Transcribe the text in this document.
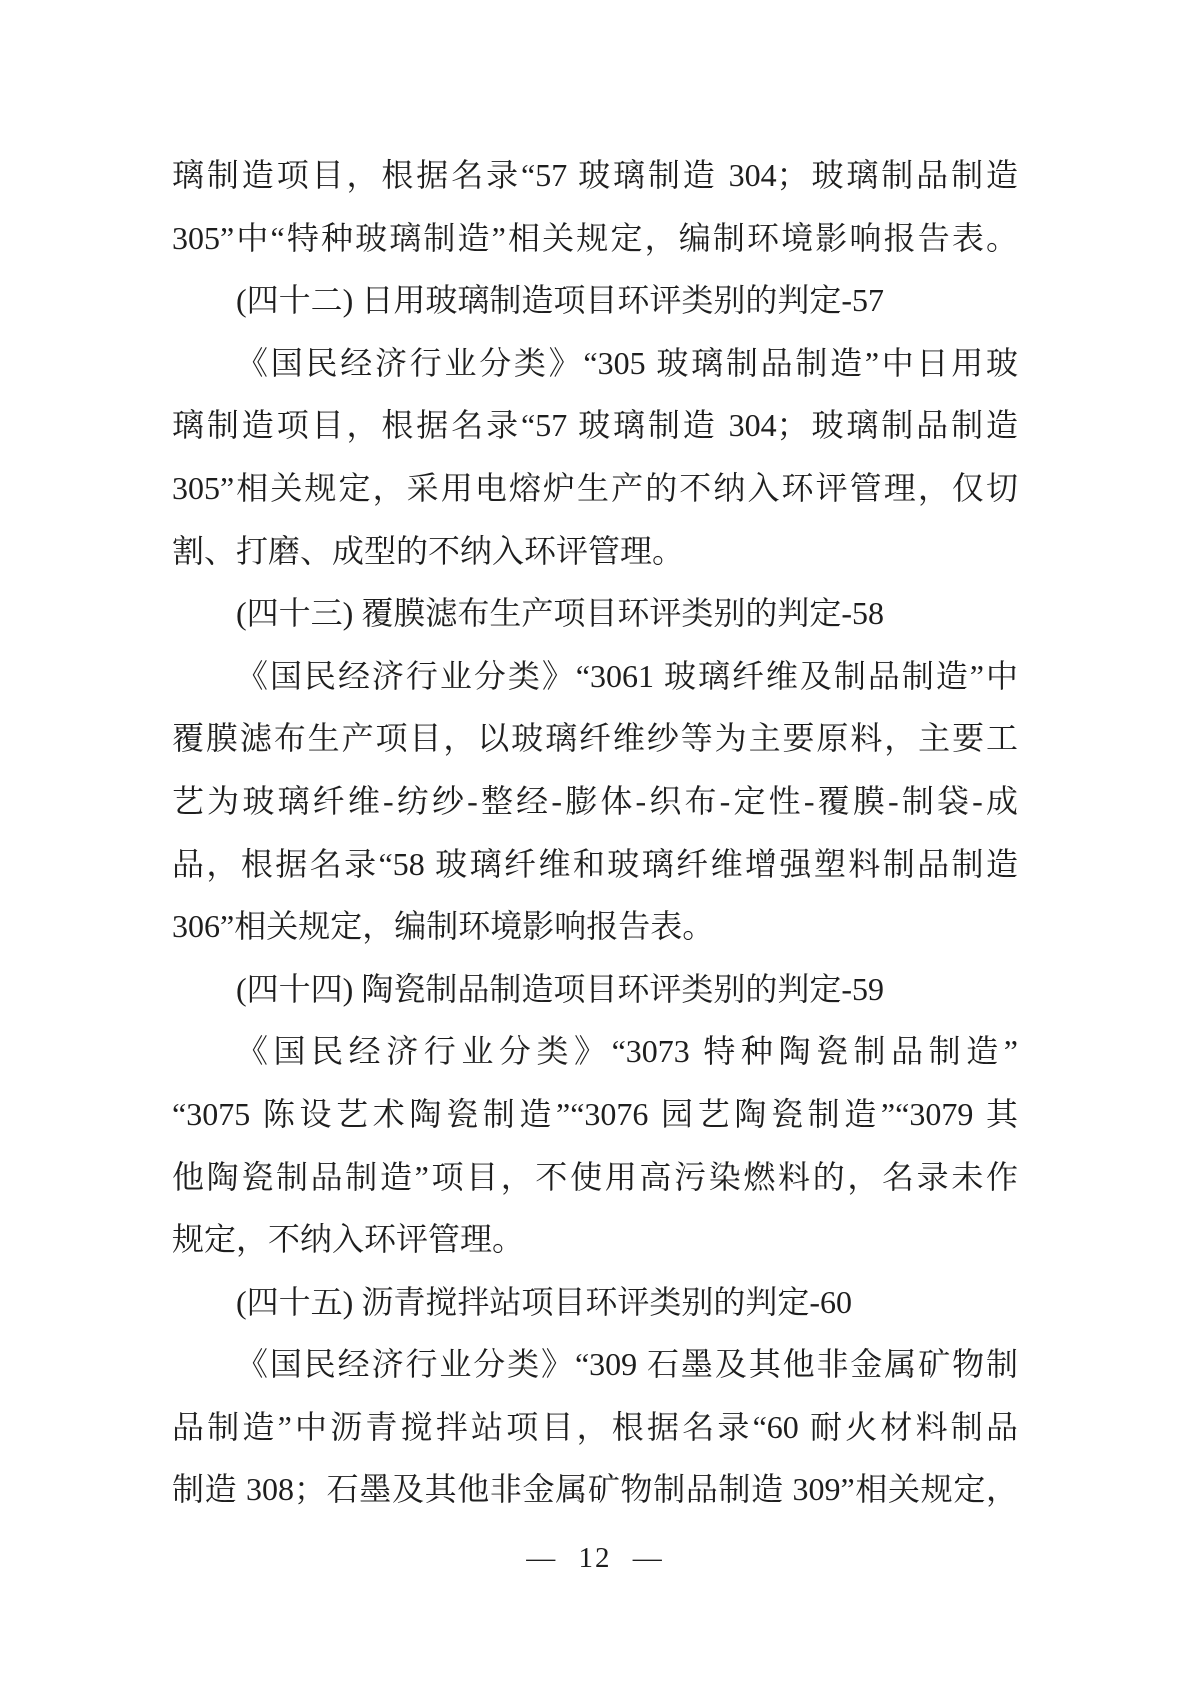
璃制造项目，根据名录“57 玻璃制造 304；玻璃制品制造
305”中“特种玻璃制造”相关规定，编制环境影响报告表。
(四十二) 日用玻璃制造项目环评类别的判定-57
《国民经济行业分类》“305 玻璃制品制造”中日用玻
璃制造项目，根据名录“57 玻璃制造 304；玻璃制品制造
305”相关规定，采用电熔炉生产的不纳入环评管理，仅切
割、打磨、成型的不纳入环评管理。
(四十三) 覆膜滤布生产项目环评类别的判定-58
《国民经济行业分类》“3061 玻璃纤维及制品制造”中
覆膜滤布生产项目，以玻璃纤维纱等为主要原料，主要工
艺为玻璃纤维-纺纱-整经-膨体-织布-定性-覆膜-制袋-成
品，根据名录“58 玻璃纤维和玻璃纤维增强塑料制品制造
306”相关规定，编制环境影响报告表。
(四十四) 陶瓷制品制造项目环评类别的判定-59
《国民经济行业分类》“3073 特种陶瓷制品制造”
“3075 陈设艺术陶瓷制造”“3076 园艺陶瓷制造”“3079 其
他陶瓷制品制造”项目，不使用高污染燃料的，名录未作
规定，不纳入环评管理。
(四十五) 沥青搅拌站项目环评类别的判定-60
《国民经济行业分类》“309 石墨及其他非金属矿物制
品制造”中沥青搅拌站项目，根据名录“60 耐火材料制品
制造 308；石墨及其他非金属矿物制品制造 309”相关规定，
— 12 —
